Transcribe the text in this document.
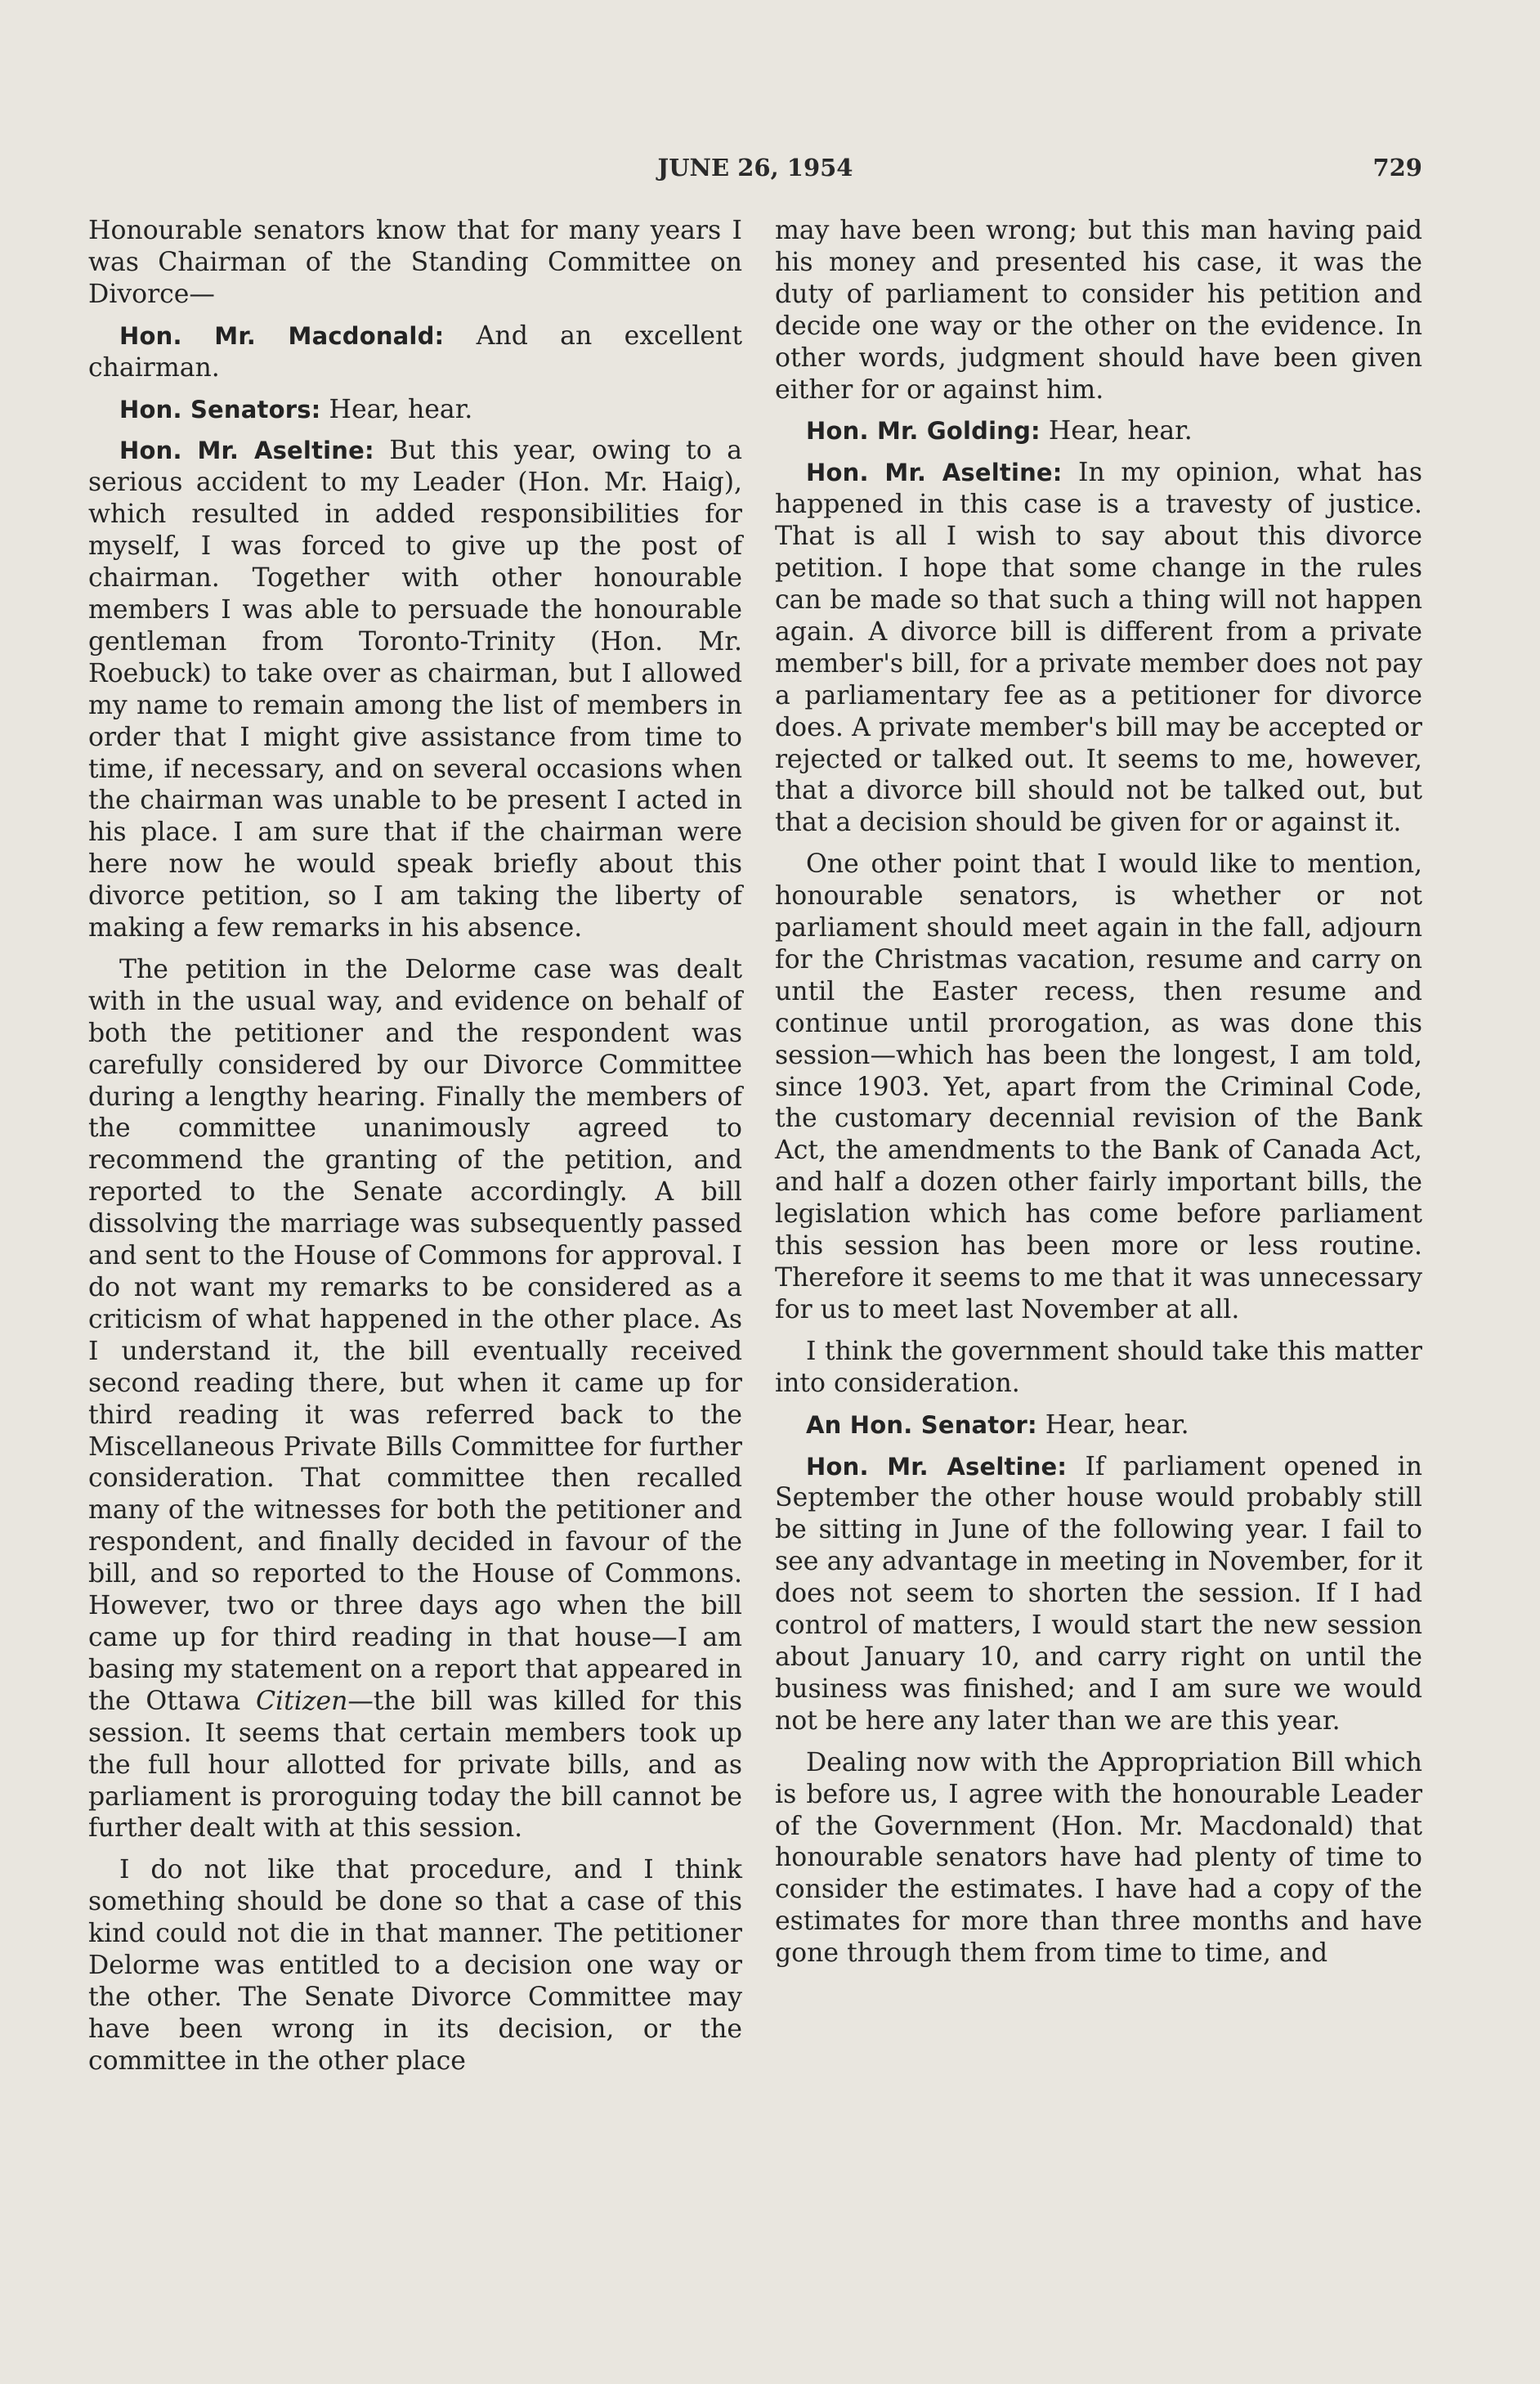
JUNE 26, 1954	729

Honourable senators know that for many years I was Chairman of the Standing Committee on Divorce—

Hon. Mr. Macdonald: And an excellent chairman.

Hon. Senators: Hear, hear.

Hon. Mr. Aseltine: But this year, owing to a serious accident to my Leader (Hon. Mr. Haig), which resulted in added responsibilities for myself, I was forced to give up the post of chairman. Together with other honourable members I was able to persuade the honourable gentleman from Toronto-Trinity (Hon. Mr. Roebuck) to take over as chairman, but I allowed my name to remain among the list of members in order that I might give assistance from time to time, if necessary, and on several occasions when the chairman was unable to be present I acted in his place. I am sure that if the chairman were here now he would speak briefly about this divorce petition, so I am taking the liberty of making a few remarks in his absence.

The petition in the Delorme case was dealt with in the usual way, and evidence on behalf of both the petitioner and the respondent was carefully considered by our Divorce Committee during a lengthy hearing. Finally the members of the committee unanimously agreed to recommend the granting of the petition, and reported to the Senate accordingly. A bill dissolving the marriage was subsequently passed and sent to the House of Commons for approval. I do not want my remarks to be considered as a criticism of what happened in the other place. As I understand it, the bill eventually received second reading there, but when it came up for third reading it was referred back to the Miscellaneous Private Bills Committee for further consideration. That committee then recalled many of the witnesses for both the petitioner and respondent, and finally decided in favour of the bill, and so reported to the House of Commons. However, two or three days ago when the bill came up for third reading in that house—I am basing my statement on a report that appeared in the Ottawa Citizen—the bill was killed for this session. It seems that certain members took up the full hour allotted for private bills, and as parliament is proroguing today the bill cannot be further dealt with at this session.

I do not like that procedure, and I think something should be done so that a case of this kind could not die in that manner. The petitioner Delorme was entitled to a decision one way or the other. The Senate Divorce Committee may have been wrong in its decision, or the committee in the other place

may have been wrong; but this man having paid his money and presented his case, it was the duty of parliament to consider his petition and decide one way or the other on the evidence. In other words, judgment should have been given either for or against him.

Hon. Mr. Golding: Hear, hear.

Hon. Mr. Aseltine: In my opinion, what has happened in this case is a travesty of justice. That is all I wish to say about this divorce petition. I hope that some change in the rules can be made so that such a thing will not happen again. A divorce bill is different from a private member's bill, for a private member does not pay a parliamentary fee as a petitioner for divorce does. A private member's bill may be accepted or rejected or talked out. It seems to me, however, that a divorce bill should not be talked out, but that a decision should be given for or against it.

One other point that I would like to mention, honourable senators, is whether or not parliament should meet again in the fall, adjourn for the Christmas vacation, resume and carry on until the Easter recess, then resume and continue until prorogation, as was done this session—which has been the longest, I am told, since 1903. Yet, apart from the Criminal Code, the customary decennial revision of the Bank Act, the amendments to the Bank of Canada Act, and half a dozen other fairly important bills, the legislation which has come before parliament this session has been more or less routine. Therefore it seems to me that it was unnecessary for us to meet last November at all.

I think the government should take this matter into consideration.

An Hon. Senator: Hear, hear.

Hon. Mr. Aseltine: If parliament opened in September the other house would probably still be sitting in June of the following year. I fail to see any advantage in meeting in November, for it does not seem to shorten the session. If I had control of matters, I would start the new session about January 10, and carry right on until the business was finished; and I am sure we would not be here any later than we are this year.

Dealing now with the Appropriation Bill which is before us, I agree with the honourable Leader of the Government (Hon. Mr. Macdonald) that honourable senators have had plenty of time to consider the estimates. I have had a copy of the estimates for more than three months and have gone through them from time to time, and
